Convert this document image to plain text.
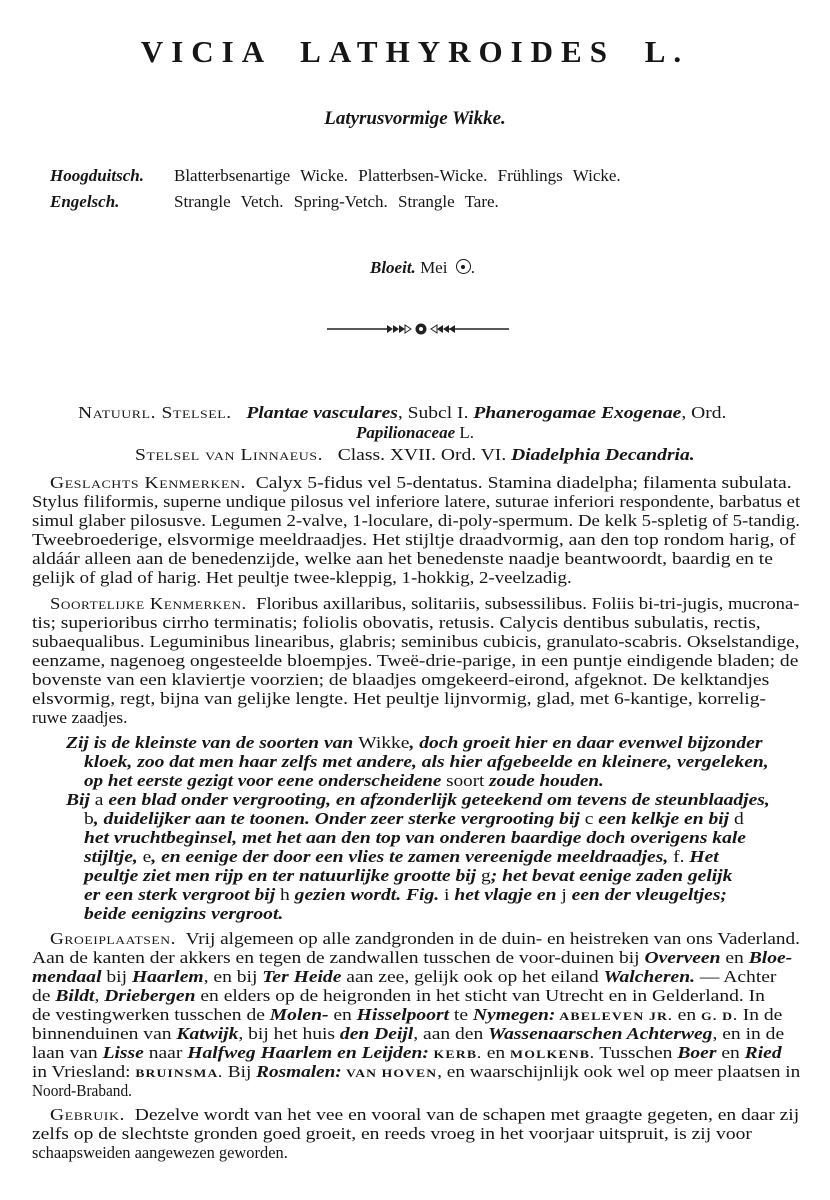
VICIA LATHYROIDES L.
Latyrusvormige Wikke.
Hoogduitsch. Blatterbsenartige Wicke. Platterbsen-Wicke. Frühlings Wicke.
Engelsch.	Strangle Vetch. Spring-Vetch. Strangle Tare.
Bloeit. Mei .
Natuurl. Stelsel. Plantae vasculares, Subcl I. Phanerogamae Exogenae, Ord.
Papilionaceae L.
Stelsel van Linnaeus. Class. XVII. Ord. VI. Diadelphia Decandria.
Geslachts Kenmerken. Calyx 5-fidus vel 5-dentatus. Stamina diadelpha; filamenta subulata.
Stylus filiformis, superne undique pilosus vel inferiore latere, suturae inferiori respondente, barbatus et
simul glaber pilosusve. Legumen 2-valve, 1-loculare, di-poly-spermum. De kelk 5-spletig of 5-tandig.
Tweebroederige, elsvormige meeldraadjes. Het stijltje draadvormig, aan den top rondom harig, of
aldáár alleen aan de benedenzijde, welke aan het benedenste naadje beantwoordt, baardig en te
gelijk of glad of harig. Het peultje twee-kleppig, 1-hokkig, 2-veelzadig.
Soortelijke Kenmerken. Floribus axillaribus, solitariis, subsessilibus. Foliis bi-tri-jugis, mucrona-
tis; superioribus cirrho terminatis; foliolis obovatis, retusis. Calycis dentibus subulatis, rectis,
subaequalibus. Leguminibus linearibus, glabris; seminibus cubicis, granulato-scabris. Okselstandige,
eenzame, nagenoeg ongesteelde bloempjes. Tweë-drie-parige, in een puntje eindigende bladen; de
bovenste van een klaviertje voorzien; de blaadjes omgekeerd-eirond, afgeknot. De kelktandjes
elsvormig, regt, bijna van gelijke lengte. Het peultje lijnvormig, glad, met 6-kantige, korrelig-
ruwe zaadjes.
Zij is de kleinste van de soorten van Wikke, doch groeit hier en daar evenwel bijzonder
kloek, zoo dat men haar zelfs met andere, als hier afgebeelde en kleinere, vergeleken,
op het eerste gezigt voor eene onderscheidene soort zoude houden.
Bij a een blad onder vergrooting, en afzonderlijk geteekend om tevens de steunblaadjes,
b, duidelijker aan te toonen. Onder zeer sterke vergrooting bij c een kelkje en bij d
het vruchtbeginsel, met het aan den top van onderen baardige doch overigens kale
stijltje, e, en eenige der door een vlies te zamen vereenigde meeldraadjes, f. Het
peultje ziet men rijp en ter natuurlijke grootte bij g; het bevat eenige zaden gelijk
er een sterk vergroot bij h gezien wordt. Fig. i het vlagje en j een der vleugeltjes;
beide eenigzins vergroot.
Groeiplaatsen. Vrij algemeen op alle zandgronden in de duin- en heistreken van ons Vaderland.
Aan de kanten der akkers en tegen de zandwallen tusschen de voor-duinen bij Overveen en Bloe-
mendaal bij Haarlem, en bij Ter Heide aan zee, gelijk ook op het eiland Walcheren. — Achter
de Bildt, Driebergen en elders op de heigronden in het sticht van Utrecht en in Gelderland. In
de vestingwerken tusschen de Molen- en Hisselpoort te Nymegen: ABELEVEN JR. en G. D. In de
binnenduinen van Katwijk, bij het huis den Deijl, aan den Wassenaarschen Achterweg, en in de
laan van Lisse naar Halfweg Haarlem en Leijden: KERB. en MOLKENB. Tusschen Boer en Ried
in Vriesland: BRUINSMA. Bij Rosmalen: VAN HOVEN, en waarschijnlijk ook wel op meer plaatsen in
Noord-Braband.
Gebruik. Dezelve wordt van het vee en vooral van de schapen met graagte gegeten, en daar zij
zelfs op de slechtste gronden goed groeit, en reeds vroeg in het voorjaar uitspruit, is zij voor
schaapsweiden aangewezen geworden.
